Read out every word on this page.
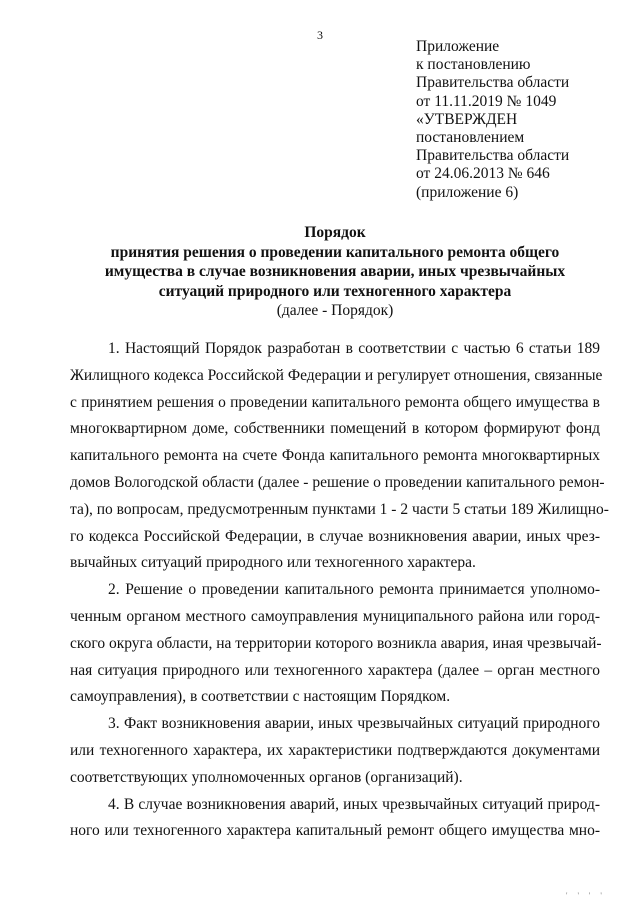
3
Приложение
к постановлению
Правительства области
от 11.11.2019 № 1049
«УТВЕРЖДЕН
постановлением
Правительства области
от 24.06.2013 № 646
(приложение 6)
Порядок
принятия решения о проведении капитального ремонта общего
имущества в случае возникновения аварии, иных чрезвычайных
ситуаций природного или техногенного характера
(далее - Порядок)
1. Настоящий Порядок разработан в соответствии с частью 6 статьи 189
Жилищного кодекса Российской Федерации и регулирует отношения, связанные
с принятием решения о проведении капитального ремонта общего имущества в
многоквартирном доме, собственники помещений в котором формируют фонд
капитального ремонта на счете Фонда капитального ремонта многоквартирных
домов Вологодской области (далее - решение о проведении капитального ремон-
та), по вопросам, предусмотренным пунктами 1 - 2 части 5 статьи 189 Жилищно-
го кодекса Российской Федерации, в случае возникновения аварии, иных чрез-
вычайных ситуаций природного или техногенного характера.
2. Решение о проведении капитального ремонта принимается уполномо-
ченным органом местного самоуправления муниципального района или город-
ского округа области, на территории которого возникла авария, иная чрезвычай-
ная ситуация природного или техногенного характера (далее – орган местного
самоуправления), в соответствии с настоящим Порядком.
3. Факт возникновения аварии, иных чрезвычайных ситуаций природного
или техногенного характера, их характеристики подтверждаются документами
соответствующих уполномоченных органов (организаций).
4. В случае возникновения аварий, иных чрезвычайных ситуаций природ-
ного или техногенного характера капитальный ремонт общего имущества мно-
' ' ' '
